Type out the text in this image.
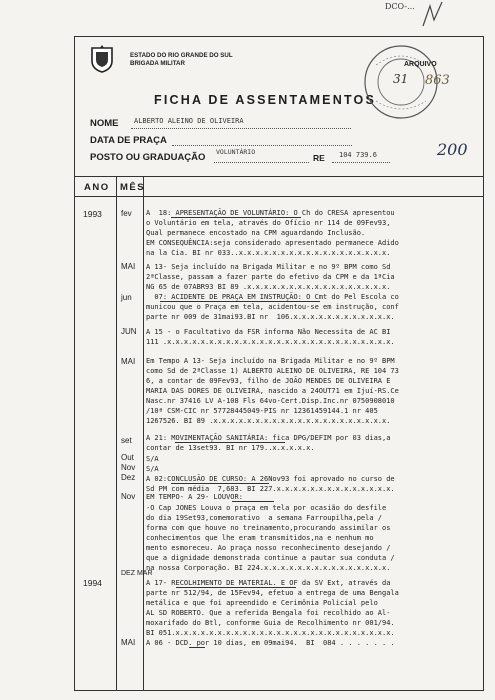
DCO-...
ESTADO DO RIO GRANDE DO SUL
BRIGADA MILITAR
FICHA DE ASSENTAMENTOS
NOME ALBERTO ALEINO DE OLIVEIRA
DATA DE PRAÇA
POSTO OU GRADUAÇÃO VOLUNTÁRIO
RE 104 739.6
31
ARQUIVO
863
200
ANO MÊS
1993 fev
MAI
jun
JUN
MAI
set
Out
Nov
Dez
Nov
DEZ MAR
1994
MAI
A  18: APRESENTAÇÃO DE VOLUNTÁRIO: O Ch do CRESA apresentou
o Voluntário em tela, através do Ofício nr 114 de 09Fev93,
Qual permanece encostado na CPM aguardando Inclusão.
EM CONSEQUÊNCIA:seja considerado apresentado permanece Adido
na la Cia. BI nr 033..x.x.x.x.x.x.x.x.x.x.x.x.x.x.x.x.x.x.
A 13- Seja incluído na Brigada Militar e no 9º BPM como Sd
2ªClasse, passam a fazer parte do efetivo da CPM e da 1ªCia
NG 65 de 07ABR93 BI 89 .x.x.x.x.x.x.x.x.x.x.x.x.x.x.x.x.x.
07: ACIDENTE DE PRAÇA EM INSTRUÇÃO: O Cmt do Pel Escola co
municou que o Praça em tela, acidentou-se em instrução, conf
parte nr 009 de 31mai93.BI nr  106.x.x.x.x.x.x.x.x.x.x.x.x.
A 15 - o Facultativo da FSR informa Não Necessita de AC BI
111 .x.x.x.x.x.x.x.x.x.x.x.x.x.x.x.x.x.x.x.x.x.x.x.x.x.x.x.
Em Tempo A 13- Seja incluído na Brigada Militar e no 9º BPM
como Sd de 2ªClasse 1) ALBERTO ALEINO DE OLIVEIRA, RE 104 73
6, a contar de 09Fev93, filho de JOÃO MENDES DE OLIVEIRA E
MARIA DAS DORES DE OLIVEIRA, nascido a 24OUT71 em Ijuí-RS.Ce
Nasc.nr 37416 LV A-108 Fls 64vo-Cert.Disp.Inc.nr 0750908010
/10ª CSM-CIC nr 57728445049-PIS nr 12361459144.1 nr 405
1267526. BI 89 .x.x.x.x.x.x.x.x.x.x.x.x.x.x.x.x.x.x.x.x.x.
A 21: MOVIMENTAÇÃO SANITÁRIA: fica DPG/DEFIM por 03 dias,a
contar de 13set93. BI nr 179..x.x.x.x.x.
S/A
S/A
A 02:CONCLUSÃO DE CURSO: A 26Nov93 foi aprovado no curso de
Sd PM com média  7,683. BI 227.x.x.x.x.x.x.x.x.x.x.x.x.x.x.
EM TEMPO- A 29- LOUVOR:
-O Cap JONES Louva o praça em tela por ocasião do desfile
do dia 19Set93,comemorativo  a semana Farroupilha,pela /
forma com que houve no treinamento,procurando assimilar os
conhecimentos que lhe eram transmitidos,na e nenhum mo
mento esmoreceu. Ao praça nosso reconhecimento desejando /
que a dignidade demonstrada continue a pautar sua conduta /
na nossa Corporação. BI 224.x.x.x.x.x.x.x.x.x.x.x.x.x.x.x.
A 17- RECOLHIMENTO DE MATERIAL. E OF da SV Ext, através da
parte nr 512/94, de 15Fev94, efetuo a entrega de uma Bengala
metálica e que foi apreendido e Cerimônia Policial pelo
AL SD ROBERTO. Que a referida Bengala foi recolhido ao Al-
moxarifado do Btl, conforme Guia de Recolhimento nr 001/94.
BI 051.x.x.x.x.x.x.x.x.x.x.x.x.x.x.x.x.x.x.x.x.x.x.x.x.x.x.
A 06 - DCD. por 10 dias, em 09mai94.  BI  084 . . . . . . .
